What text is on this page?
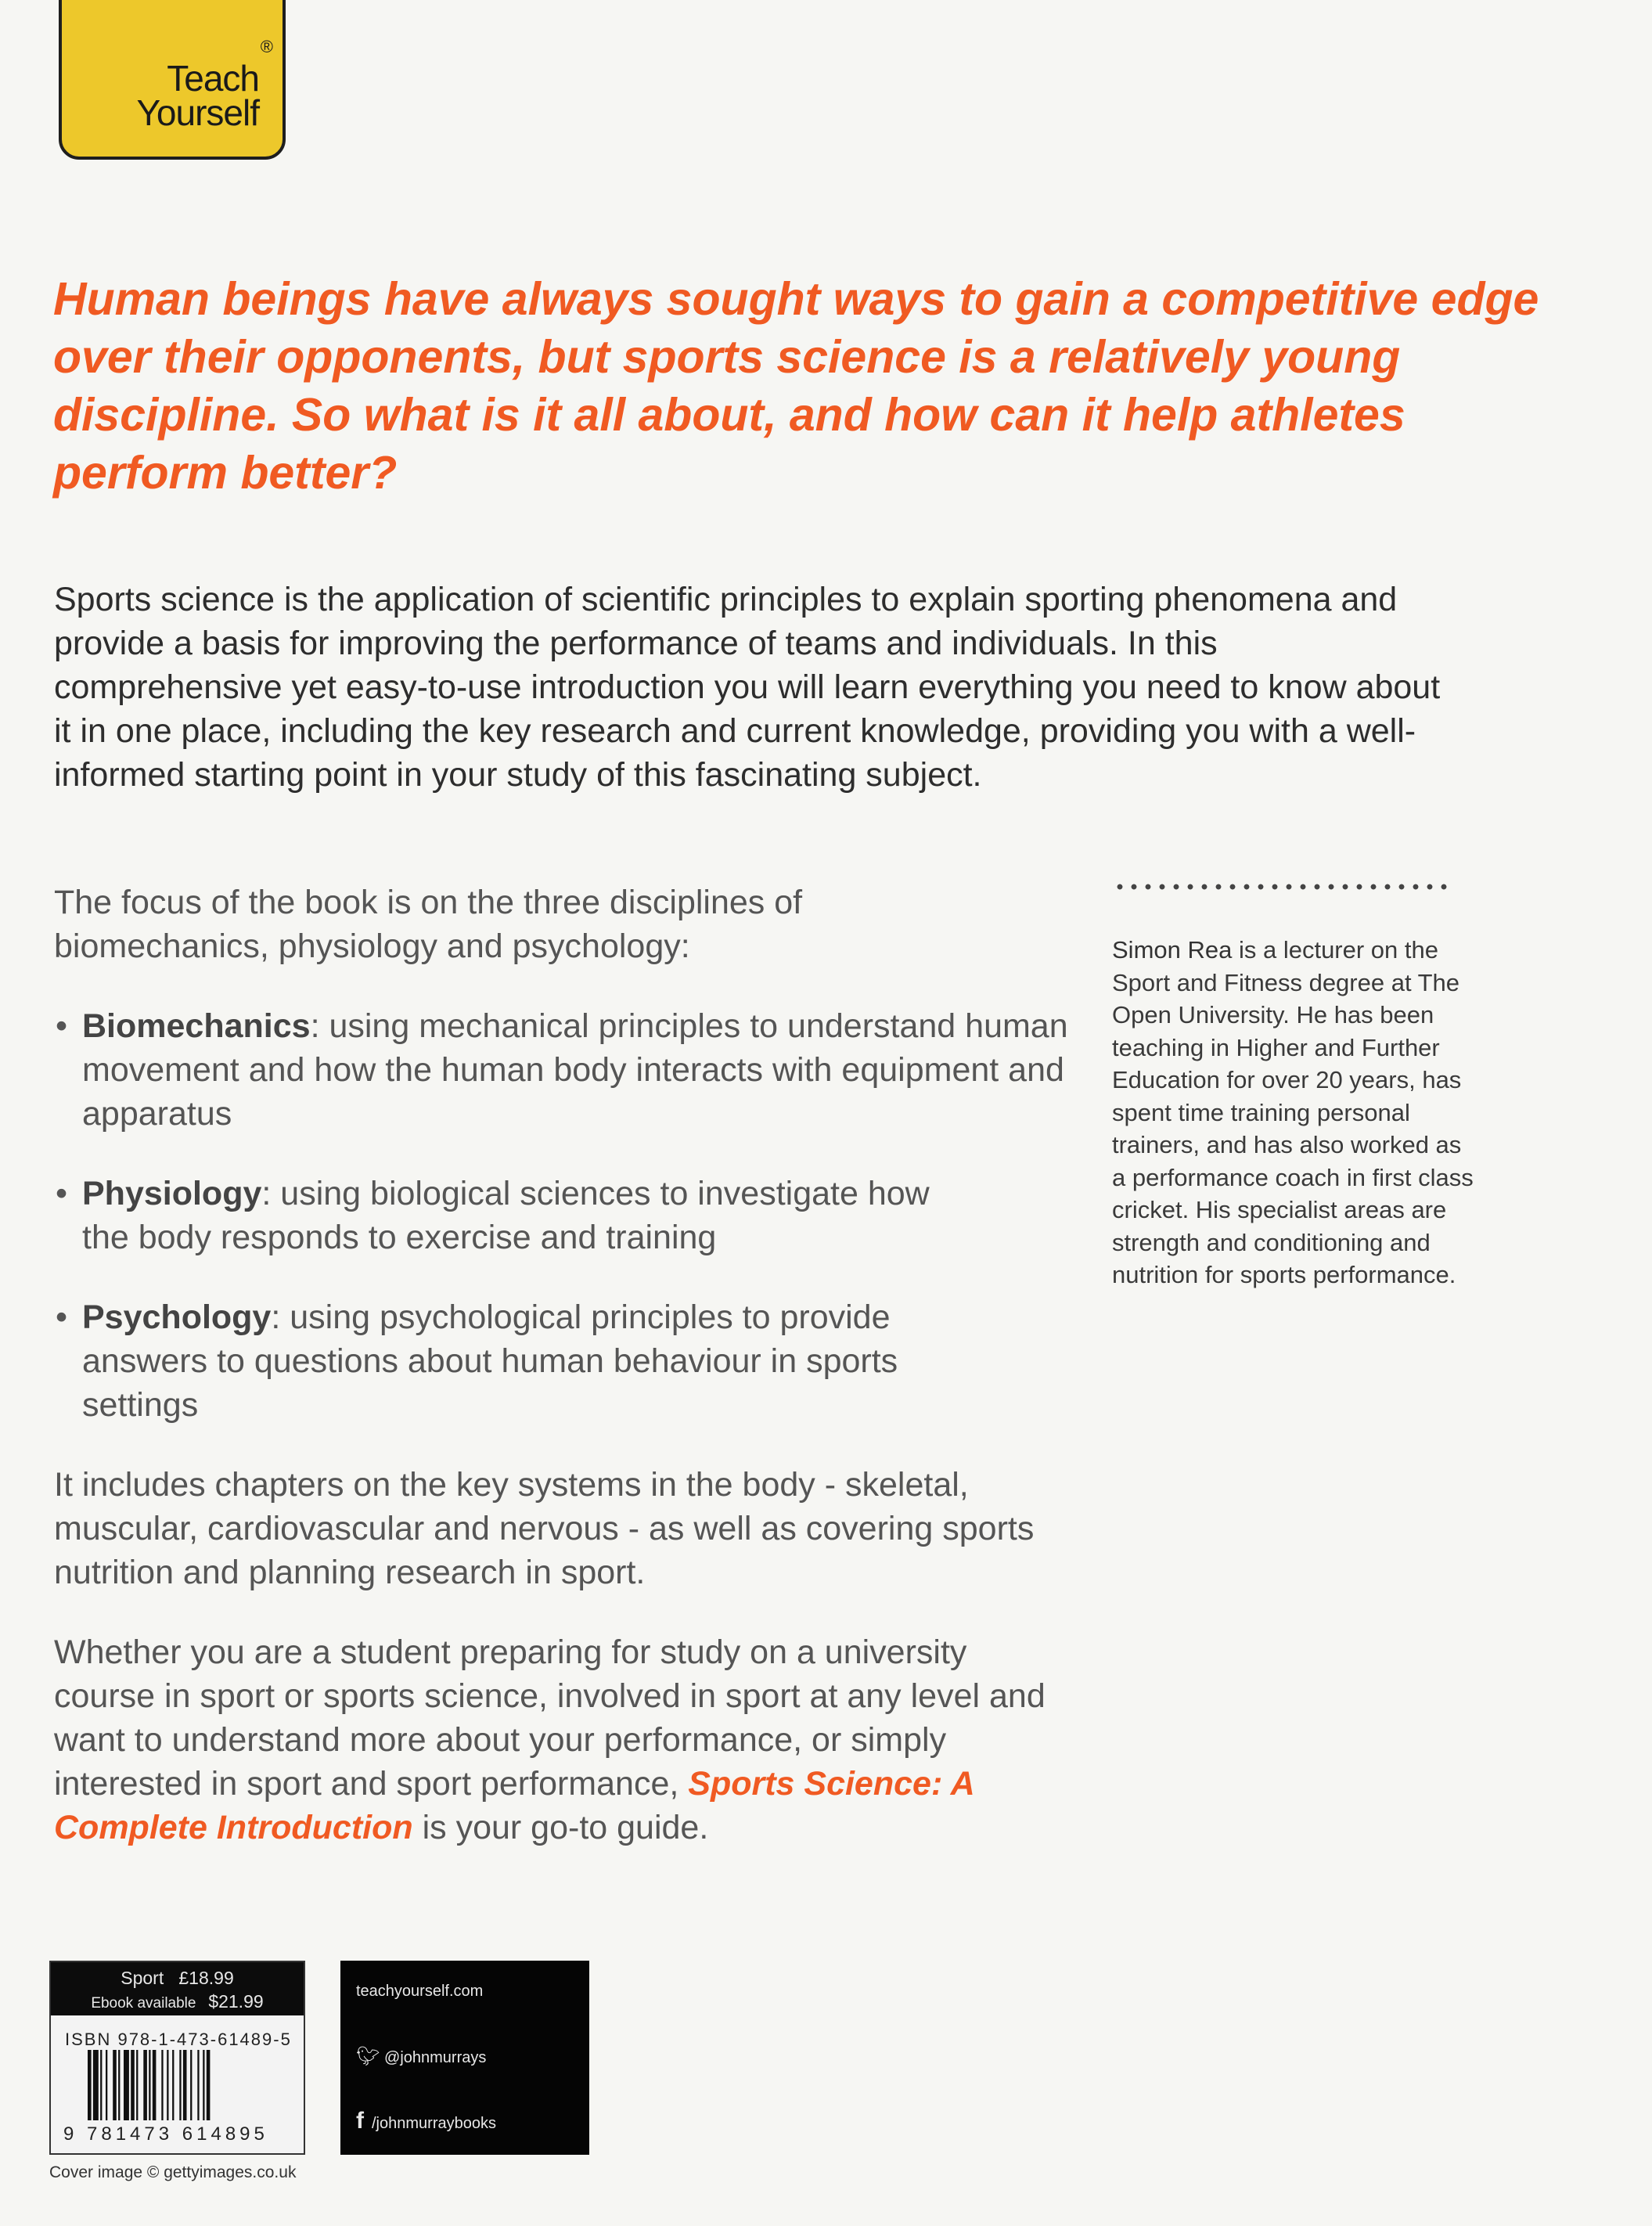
®
Teach
Yourself

Human beings have always sought ways to gain a competitive edge over their opponents, but sports science is a relatively young discipline. So what is it all about, and how can it help athletes perform better?

Sports science is the application of scientific principles to explain sporting phenomena and provide a basis for improving the performance of teams and individuals. In this comprehensive yet easy-to-use introduction you will learn everything you need to know about it in one place, including the key research and current knowledge, providing you with a well-informed starting point in your study of this fascinating subject.

The focus of the book is on the three disciplines of biomechanics, physiology and psychology:

• Biomechanics: using mechanical principles to understand human movement and how the human body interacts with equipment and apparatus

• Physiology: using biological sciences to investigate how the body responds to exercise and training

• Psychology: using psychological principles to provide answers to questions about human behaviour in sports settings

It includes chapters on the key systems in the body - skeletal, muscular, cardiovascular and nervous - as well as covering sports nutrition and planning research in sport.

Whether you are a student preparing for study on a university course in sport or sports science, involved in sport at any level and want to understand more about your performance, or simply interested in sport and sport performance, Sports Science: A Complete Introduction is your go-to guide.

Simon Rea is a lecturer on the Sport and Fitness degree at The Open University. He has been teaching in Higher and Further Education for over 20 years, has spent time training personal trainers, and has also worked as a performance coach in first class cricket. His specialist areas are strength and conditioning and nutrition for sports performance.
Sport £18.99
Ebook available $21.99
ISBN 978-1-473-61489-5
9 781473 614895
Cover image © gettyimages.co.uk
teachyourself.com
🐦︎ @johnmurrays
f /johnmurraybooks
